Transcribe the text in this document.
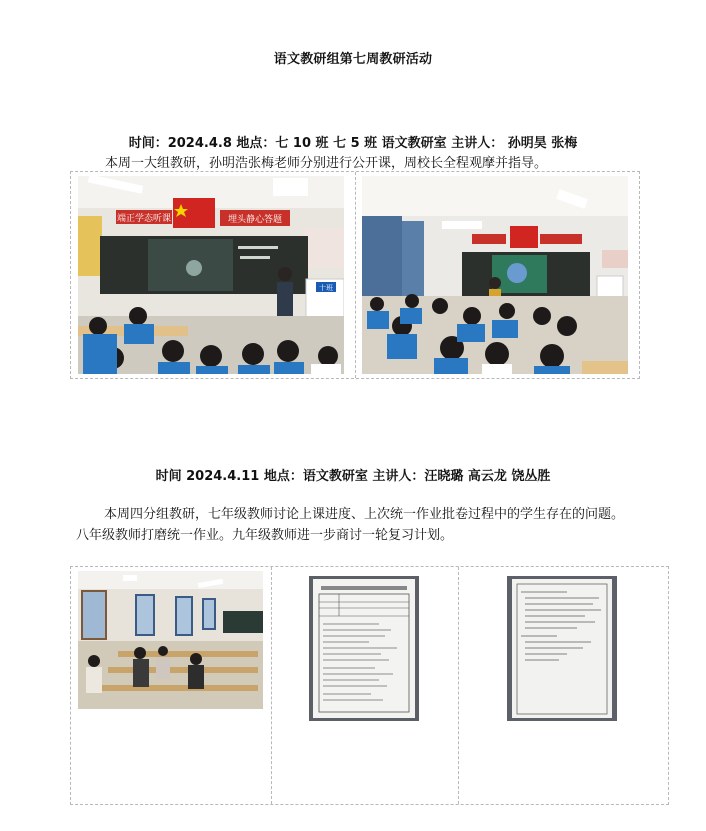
语文教研组第七周教研活动
时间：2024.4.8 地点：七 10 班 七 5 班 语文教研室 主讲人： 孙明昊 张梅
本周一大组教研，孙明浩张梅老师分别进行公开课，周校长全程观摩并指导。
端正学态听课	埋头静心答题
十班
时间 2024.4.11 地点：语文教研室 主讲人：汪晓璐 高云龙 饶丛胜
本周四分组教研，七年级教师讨论上课进度、上次统一作业批卷过程中的学生存在的问题。八年级教师打磨统一作业。九年级教师进一步商讨一轮复习计划。
